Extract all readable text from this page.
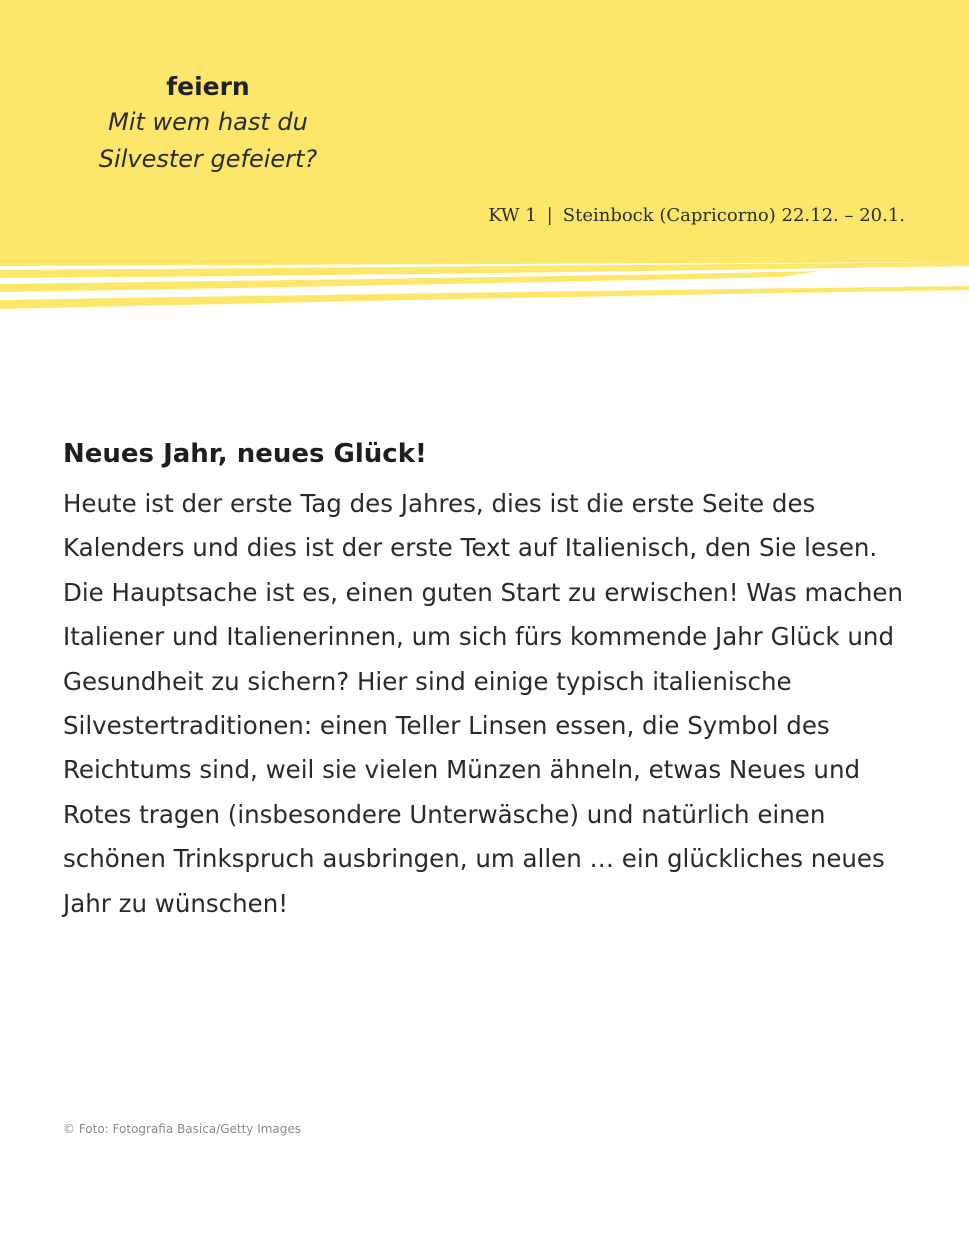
feiern
Mit wem hast du
Silvester gefeiert?
KW 1 | Steinbock (Capricorno) 22.12. – 20.1.
Neues Jahr, neues Glück!

Heute ist der erste Tag des Jahres, dies ist die erste Seite des Kalenders und dies ist der erste Text auf Italienisch, den Sie lesen. Die Hauptsache ist es, einen guten Start zu erwischen! Was machen Italiener und Italienerinnen, um sich fürs kommende Jahr Glück und Gesundheit zu sichern? Hier sind einige typisch italienische Silvestertraditionen: einen Teller Linsen essen, die Symbol des Reichtums sind, weil sie vielen Münzen ähneln, etwas Neues und Rotes tragen (insbesondere Unterwäsche) und natürlich einen schönen Trinkspruch ausbringen, um allen … ein glückliches neues Jahr zu wünschen!

© Foto: Fotografia Basica/Getty Images
